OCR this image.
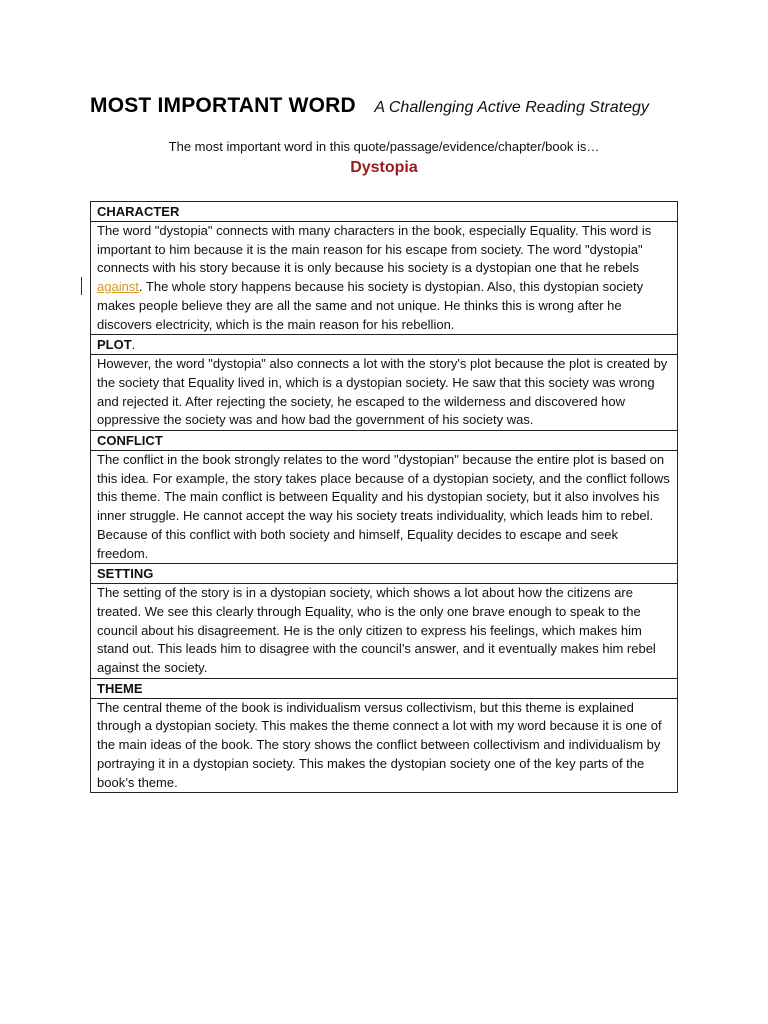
MOST IMPORTANT WORD A Challenging Active Reading Strategy
The most important word in this quote/passage/evidence/chapter/book is…
Dystopia
CHARACTER
The word "dystopia" connects with many characters in the book, especially Equality. This word is important to him because it is the main reason for his escape from society. The word "dystopia" connects with his story because it is only because his society is a dystopian one that he rebels against. The whole story happens because his society is dystopian. Also, this dystopian society makes people believe they are all the same and not unique. He thinks this is wrong after he discovers electricity, which is the main reason for his rebellion.
PLOT.
However, the word "dystopia" also connects a lot with the story's plot because the plot is created by the society that Equality lived in, which is a dystopian society. He saw that this society was wrong and rejected it. After rejecting the society, he escaped to the wilderness and discovered how oppressive the society was and how bad the government of his society was.
CONFLICT
The conflict in the book strongly relates to the word "dystopian" because the entire plot is based on this idea. For example, the story takes place because of a dystopian society, and the conflict follows this theme. The main conflict is between Equality and his dystopian society, but it also involves his inner struggle. He cannot accept the way his society treats individuality, which leads him to rebel. Because of this conflict with both society and himself, Equality decides to escape and seek freedom.
SETTING
The setting of the story is in a dystopian society, which shows a lot about how the citizens are treated. We see this clearly through Equality, who is the only one brave enough to speak to the council about his disagreement. He is the only citizen to express his feelings, which makes him stand out. This leads him to disagree with the council’s answer, and it eventually makes him rebel against the society.
THEME
The central theme of the book is individualism versus collectivism, but this theme is explained through a dystopian society. This makes the theme connect a lot with my word because it is one of the main ideas of the book. The story shows the conflict between collectivism and individualism by portraying it in a dystopian society. This makes the dystopian society one of the key parts of the book’s theme.
